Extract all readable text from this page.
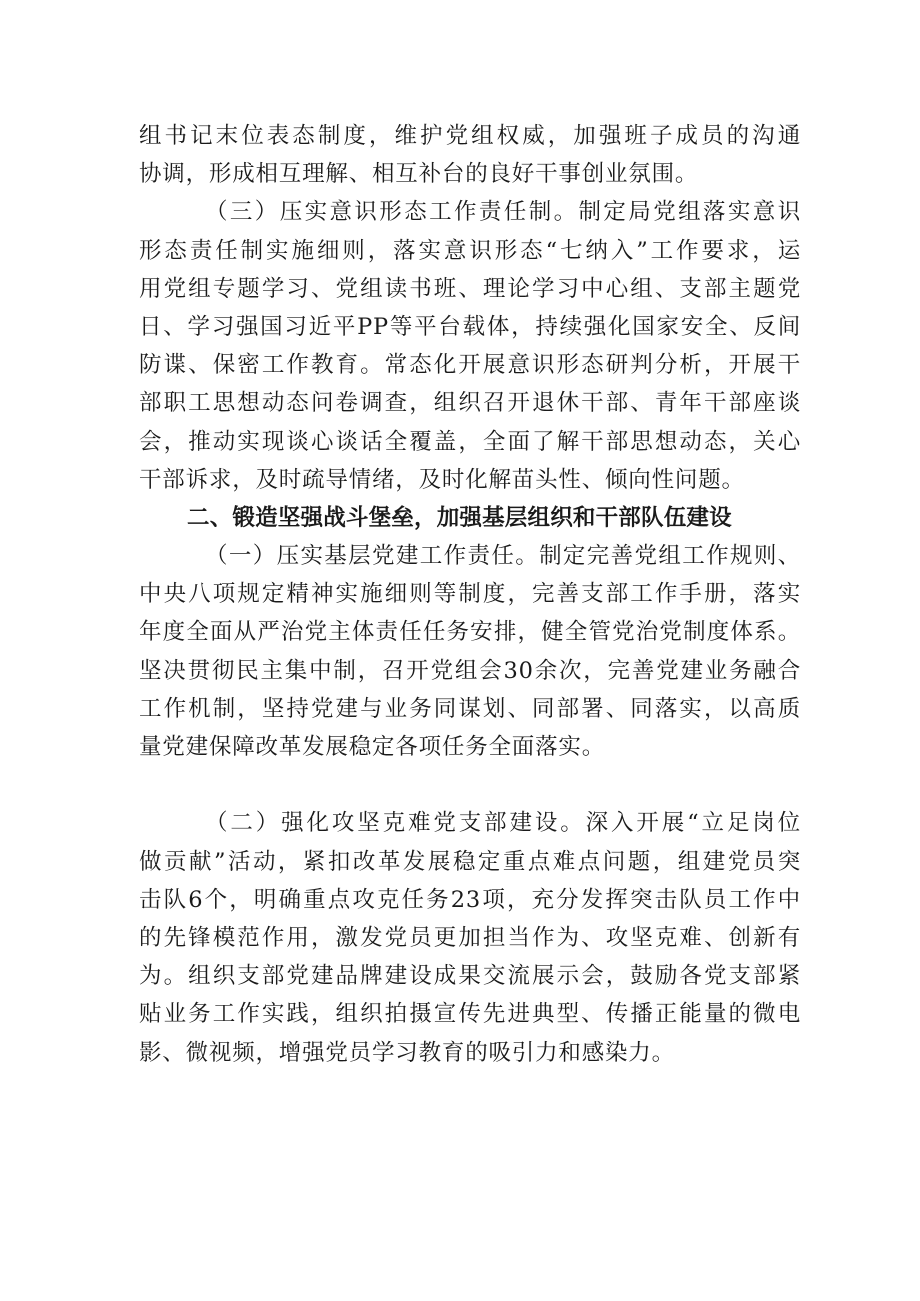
组书记末位表态制度，维护党组权威，加强班子成员的沟通
协调，形成相互理解、相互补台的良好干事创业氛围。
（三）压实意识形态工作责任制。制定局党组落实意识
形态责任制实施细则，落实意识形态“七纳入”工作要求，运
用党组专题学习、党组读书班、理论学习中心组、支部主题党
日、学习强国习近平PP等平台载体，持续强化国家安全、反间
防谍、保密工作教育。常态化开展意识形态研判分析，开展干
部职工思想动态问卷调查，组织召开退休干部、青年干部座谈
会，推动实现谈心谈话全覆盖，全面了解干部思想动态，关心
干部诉求，及时疏导情绪，及时化解苗头性、倾向性问题。
二、锻造坚强战斗堡垒，加强基层组织和干部队伍建设
（一）压实基层党建工作责任。制定完善党组工作规则、
中央八项规定精神实施细则等制度，完善支部工作手册，落实
年度全面从严治党主体责任任务安排，健全管党治党制度体系。
坚决贯彻民主集中制，召开党组会30余次，完善党建业务融合
工作机制，坚持党建与业务同谋划、同部署、同落实，以高质
量党建保障改革发展稳定各项任务全面落实。
（二）强化攻坚克难党支部建设。深入开展“立足岗位
做贡献”活动，紧扣改革发展稳定重点难点问题，组建党员突
击队6个，明确重点攻克任务23项，充分发挥突击队员工作中
的先锋模范作用，激发党员更加担当作为、攻坚克难、创新有
为。组织支部党建品牌建设成果交流展示会，鼓励各党支部紧
贴业务工作实践，组织拍摄宣传先进典型、传播正能量的微电
影、微视频，增强党员学习教育的吸引力和感染力。
